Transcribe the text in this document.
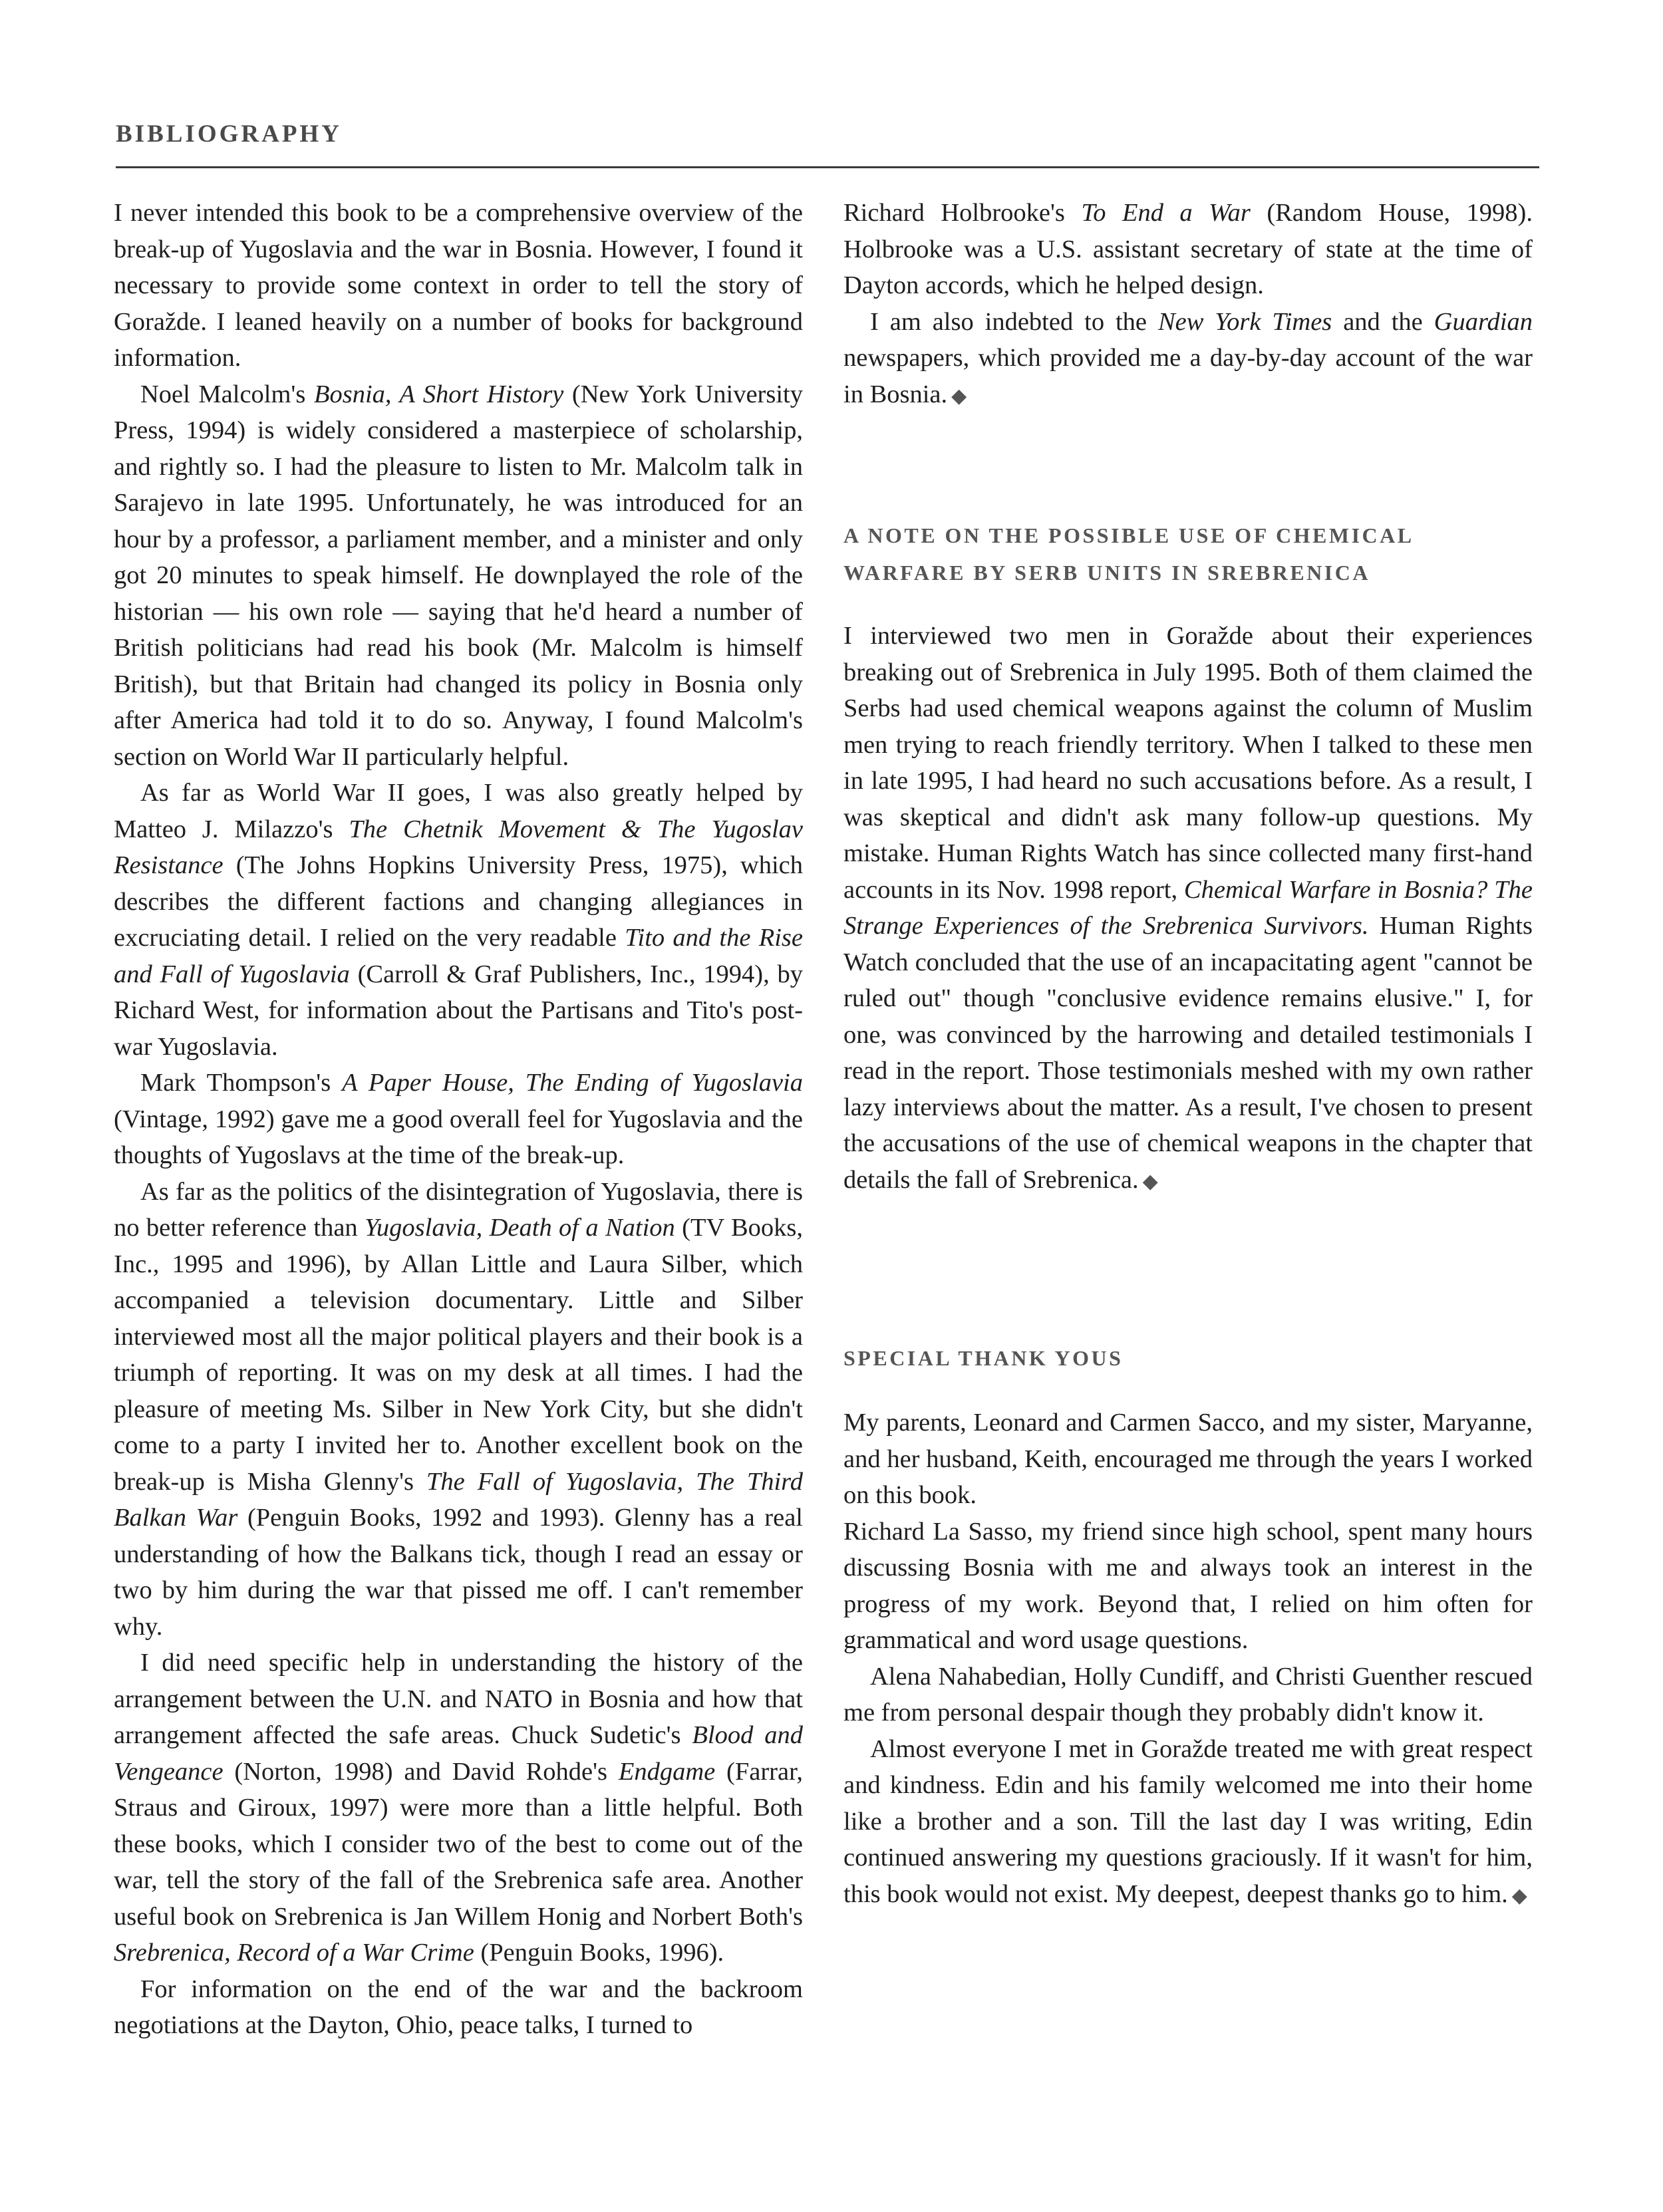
BIBLIOGRAPHY

I never intended this book to be a comprehensive overview of the break-up of Yugoslavia and the war in Bosnia. However, I found it necessary to provide some context in order to tell the story of Goražde. I leaned heavily on a number of books for background information.

Noel Malcolm's Bosnia, A Short History (New York University Press, 1994) is widely considered a masterpiece of scholarship, and rightly so. I had the pleasure to listen to Mr. Malcolm talk in Sarajevo in late 1995. Unfortunately, he was introduced for an hour by a professor, a parliament member, and a minister and only got 20 minutes to speak himself. He downplayed the role of the historian — his own role — saying that he'd heard a number of British politicians had read his book (Mr. Malcolm is himself British), but that Britain had changed its policy in Bosnia only after America had told it to do so. Anyway, I found Malcolm's section on World War II particularly helpful.

As far as World War II goes, I was also greatly helped by Matteo J. Milazzo's The Chetnik Movement & The Yugoslav Resistance (The Johns Hopkins University Press, 1975), which describes the different factions and changing allegiances in excruciating detail. I relied on the very readable Tito and the Rise and Fall of Yugoslavia (Carroll & Graf Publishers, Inc., 1994), by Richard West, for information about the Partisans and Tito's post-war Yugoslavia.

Mark Thompson's A Paper House, The Ending of Yugoslavia (Vintage, 1992) gave me a good overall feel for Yugoslavia and the thoughts of Yugoslavs at the time of the break-up.

As far as the politics of the disintegration of Yugoslavia, there is no better reference than Yugoslavia, Death of a Nation (TV Books, Inc., 1995 and 1996), by Allan Little and Laura Silber, which accompanied a television documentary. Little and Silber interviewed most all the major political players and their book is a triumph of reporting. It was on my desk at all times. I had the pleasure of meeting Ms. Silber in New York City, but she didn't come to a party I invited her to. Another excellent book on the break-up is Misha Glenny's The Fall of Yugoslavia, The Third Balkan War (Penguin Books, 1992 and 1993). Glenny has a real understanding of how the Balkans tick, though I read an essay or two by him during the war that pissed me off. I can't remember why.

I did need specific help in understanding the history of the arrangement between the U.N. and NATO in Bosnia and how that arrangement affected the safe areas. Chuck Sudetic's Blood and Vengeance (Norton, 1998) and David Rohde's Endgame (Farrar, Straus and Giroux, 1997) were more than a little helpful. Both these books, which I consider two of the best to come out of the war, tell the story of the fall of the Srebrenica safe area. Another useful book on Srebrenica is Jan Willem Honig and Norbert Both's Srebrenica, Record of a War Crime (Penguin Books, 1996).

For information on the end of the war and the backroom negotiations at the Dayton, Ohio, peace talks, I turned to

Richard Holbrooke's To End a War (Random House, 1998). Holbrooke was a U.S. assistant secretary of state at the time of Dayton accords, which he helped design.

I am also indebted to the New York Times and the Guardian newspapers, which provided me a day-by-day account of the war in Bosnia. ◆

A NOTE ON THE POSSIBLE USE OF CHEMICAL WARFARE BY SERB UNITS IN SREBRENICA

I interviewed two men in Goražde about their experiences breaking out of Srebrenica in July 1995. Both of them claimed the Serbs had used chemical weapons against the column of Muslim men trying to reach friendly territory. When I talked to these men in late 1995, I had heard no such accusations before. As a result, I was skeptical and didn't ask many follow-up questions. My mistake. Human Rights Watch has since collected many first-hand accounts in its Nov. 1998 report, Chemical Warfare in Bosnia? The Strange Experiences of the Srebrenica Survivors. Human Rights Watch concluded that the use of an incapacitating agent "cannot be ruled out" though "conclusive evidence remains elusive." I, for one, was convinced by the harrowing and detailed testimonials I read in the report. Those testimonials meshed with my own rather lazy interviews about the matter. As a result, I've chosen to present the accusations of the use of chemical weapons in the chapter that details the fall of Srebrenica. ◆

SPECIAL THANK YOUS

My parents, Leonard and Carmen Sacco, and my sister, Maryanne, and her husband, Keith, encouraged me through the years I worked on this book.

Richard La Sasso, my friend since high school, spent many hours discussing Bosnia with me and always took an interest in the progress of my work. Beyond that, I relied on him often for grammatical and word usage questions.

Alena Nahabedian, Holly Cundiff, and Christi Guenther rescued me from personal despair though they probably didn't know it.

Almost everyone I met in Goražde treated me with great respect and kindness. Edin and his family welcomed me into their home like a brother and a son. Till the last day I was writing, Edin continued answering my questions graciously. If it wasn't for him, this book would not exist. My deepest, deepest thanks go to him. ◆
